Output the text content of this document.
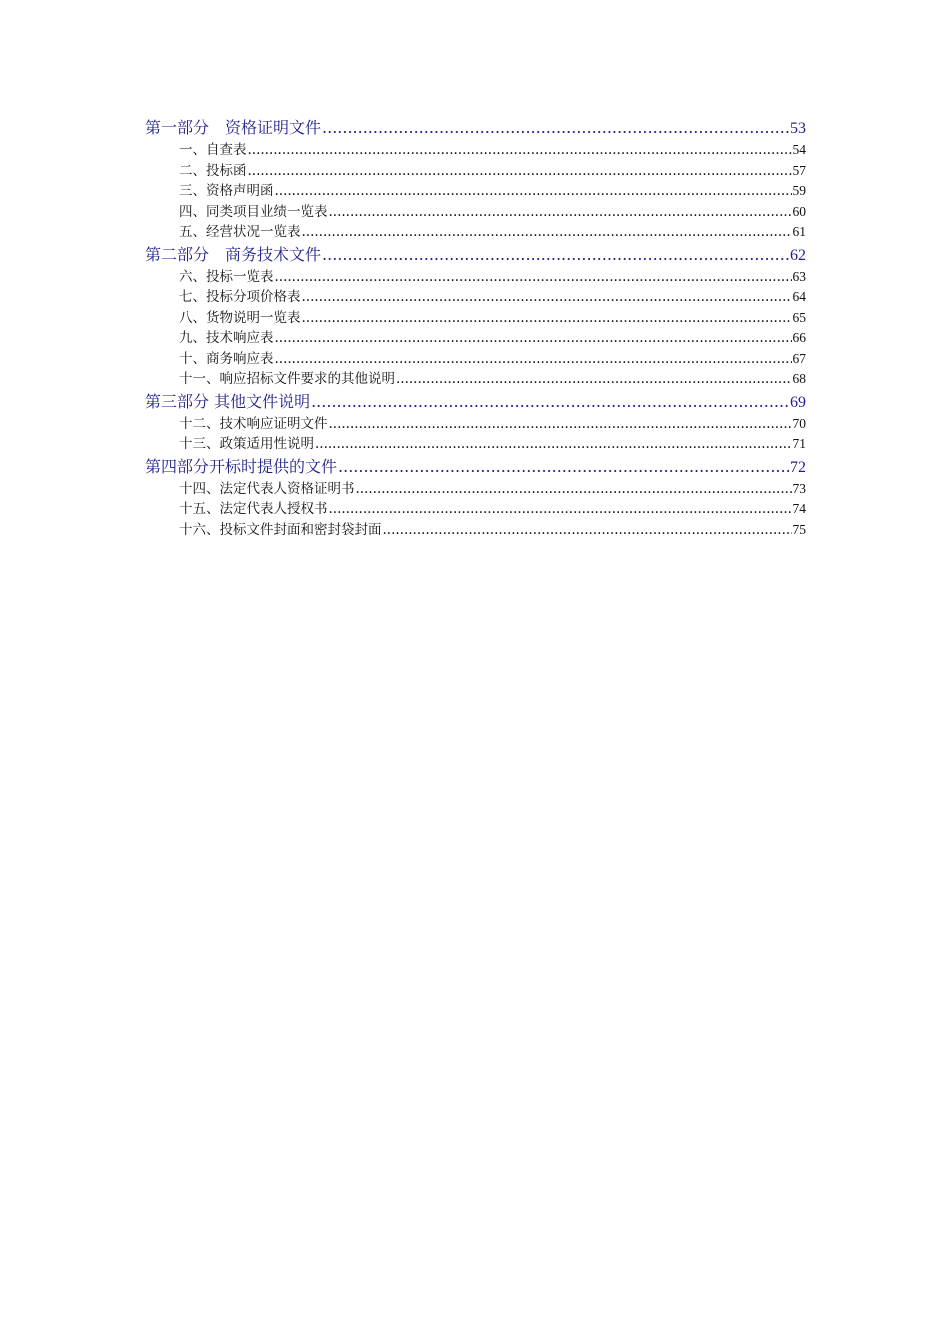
第一部分　资格证明文件 .....	53
一、自查表 .....	54
二、投标函 .....	57
三、资格声明函 .....	59
四、同类项目业绩一览表 .....	60
五、经营状况一览表 .....	61
第二部分　商务技术文件 .....	62
六、投标一览表 .....	63
七、投标分项价格表 .....	64
八、货物说明一览表 .....	65
九、技术响应表 .....	66
十、商务响应表 .....	67
十一、响应招标文件要求的其他说明 .....	68
第三部分 其他文件说明 .....	69
十二、技术响应证明文件 .....	70
十三、政策适用性说明 .....	71
第四部分开标时提供的文件 .....	72
十四、法定代表人资格证明书 .....	73
十五、法定代表人授权书 .....	74
十六、投标文件封面和密封袋封面 .....	75
